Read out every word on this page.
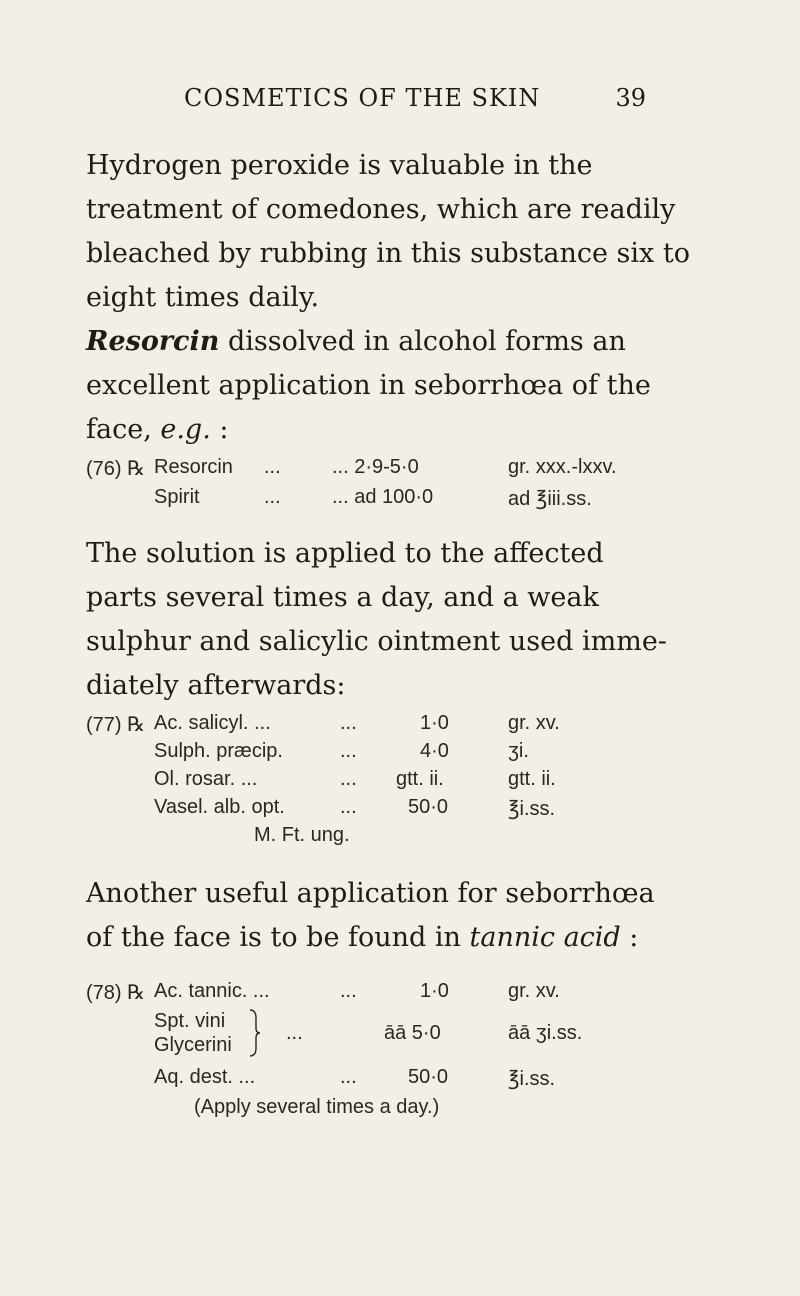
COSMETICS OF THE SKIN	39
Hydrogen peroxide is valuable in the
treatment of comedones, which are readily
bleached by rubbing in this substance six to
eight times daily.
Resorcin dissolved in alcohol forms an
excellent application in seborrhœa of the
face, e.g. :
(76) ℞ Resorcin ...	... 2·9-5·0	gr. xxx.-lxxv.
Spirit	...	... ad 100·0	ad ℥iii.ss.
The solution is applied to the affected
parts several times a day, and a weak
sulphur and salicylic ointment used imme-
diately afterwards:
(77) ℞ Ac. salicyl. ...	...	1·0	gr. xv.
Sulph. præcip.	...	4·0	ʒi.
Ol. rosar. ...	... gtt. ii.	gtt. ii.
Vasel. alb. opt.	...	50·0	℥i.ss.
M. Ft. ung.
Another useful application for seborrhœa
of the face is to be found in tannic acid :
(78) ℞ Ac. tannic. ...	...	1·0	gr. xv.
Spt. vini
Glycerini
...	āā 5·0	āā ʒi.ss.
Aq. dest. ...	...	50·0	℥i.ss.
(Apply several times a day.)
